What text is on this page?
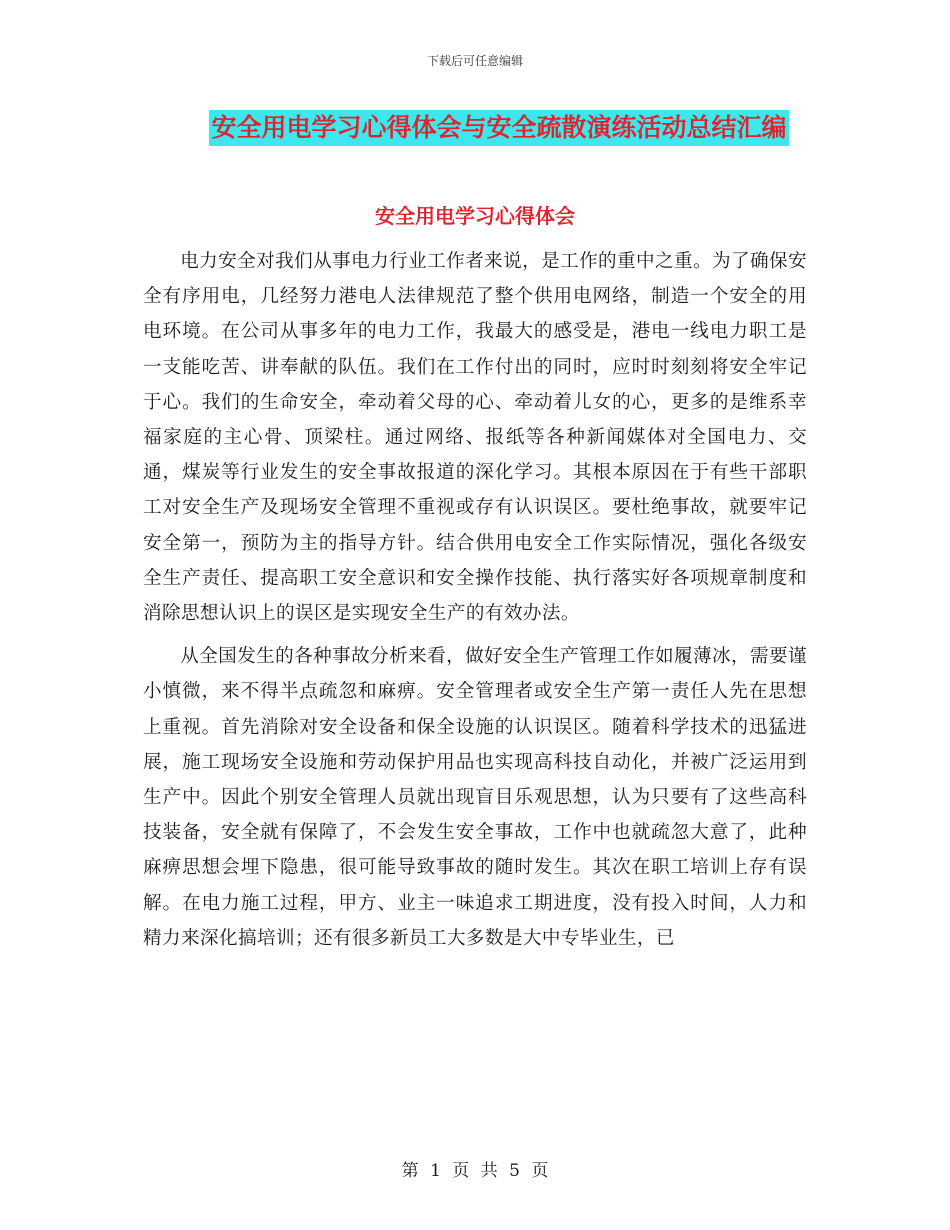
下载后可任意编辑
安全用电学习心得体会与安全疏散演练活动总结汇编
安全用电学习心得体会

电力安全对我们从事电力行业工作者来说，是工作的重中之重。为了确保安全有序用电，几经努力港电人法律规范了整个供用电网络，制造一个安全的用电环境。在公司从事多年的电力工作，我最大的感受是，港电一线电力职工是一支能吃苦、讲奉献的队伍。我们在工作付出的同时，应时时刻刻将安全牢记于心。我们的生命安全，牵动着父母的心、牵动着儿女的心，更多的是维系幸福家庭的主心骨、顶梁柱。通过网络、报纸等各种新闻媒体对全国电力、交通，煤炭等行业发生的安全事故报道的深化学习。其根本原因在于有些干部职工对安全生产及现场安全管理不重视或存有认识误区。要杜绝事故，就要牢记安全第一，预防为主的指导方针。结合供用电安全工作实际情况，强化各级安全生产责任、提高职工安全意识和安全操作技能、执行落实好各项规章制度和消除思想认识上的误区是实现安全生产的有效办法。

从全国发生的各种事故分析来看，做好安全生产管理工作如履薄冰，需要谨小慎微，来不得半点疏忽和麻痹。安全管理者或安全生产第一责任人先在思想上重视。首先消除对安全设备和保全设施的认识误区。随着科学技术的迅猛进展，施工现场安全设施和劳动保护用品也实现高科技自动化，并被广泛运用到生产中。因此个别安全管理人员就出现盲目乐观思想，认为只要有了这些高科技装备，安全就有保障了，不会发生安全事故，工作中也就疏忽大意了，此种麻痹思想会埋下隐患，很可能导致事故的随时发生。其次在职工培训上存有误解。在电力施工过程，甲方、业主一味追求工期进度，没有投入时间，人力和精力来深化搞培训；还有很多新员工大多数是大中专毕业生，已

第 1 页 共 5 页
